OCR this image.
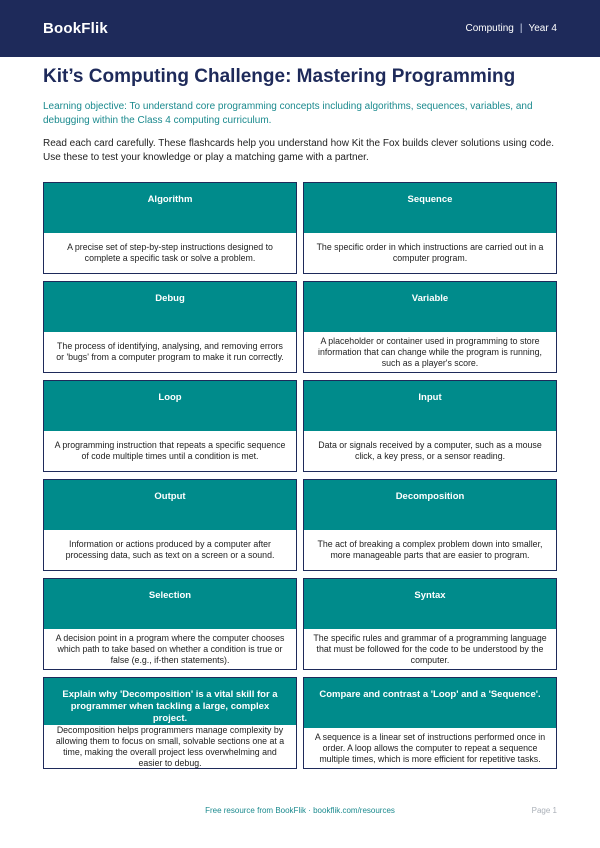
BookFlik	Computing | Year 4
Kit’s Computing Challenge: Mastering Programming

Learning objective: To understand core programming concepts including algorithms, sequences, variables, and debugging within the Class 4 computing curriculum.

Read each card carefully. These flashcards help you understand how Kit the Fox builds clever solutions using code. Use these to test your knowledge or play a matching game with a partner.

Algorithm
A precise set of step-by-step instructions designed to complete a specific task or solve a problem.
Sequence
The specific order in which instructions are carried out in a computer program.
Debug
The process of identifying, analysing, and removing errors or 'bugs' from a computer program to make it run correctly.
Variable
A placeholder or container used in programming to store information that can change while the program is running, such as a player's score.
Loop
A programming instruction that repeats a specific sequence of code multiple times until a condition is met.
Input
Data or signals received by a computer, such as a mouse click, a key press, or a sensor reading.
Output
Information or actions produced by a computer after processing data, such as text on a screen or a sound.
Decomposition
The act of breaking a complex problem down into smaller, more manageable parts that are easier to program.
Selection
A decision point in a program where the computer chooses which path to take based on whether a condition is true or false (e.g., if-then statements).
Syntax
The specific rules and grammar of a programming language that must be followed for the code to be understood by the computer.
Explain why 'Decomposition' is a vital skill for a programmer when tackling a large, complex project.
Decomposition helps programmers manage complexity by allowing them to focus on small, solvable sections one at a time, making the overall project less overwhelming and easier to debug.
Compare and contrast a 'Loop' and a 'Sequence'.
A sequence is a linear set of instructions performed once in order. A loop allows the computer to repeat a sequence multiple times, which is more efficient for repetitive tasks.
Free resource from BookFlik · bookflik.com/resources	Page 1
